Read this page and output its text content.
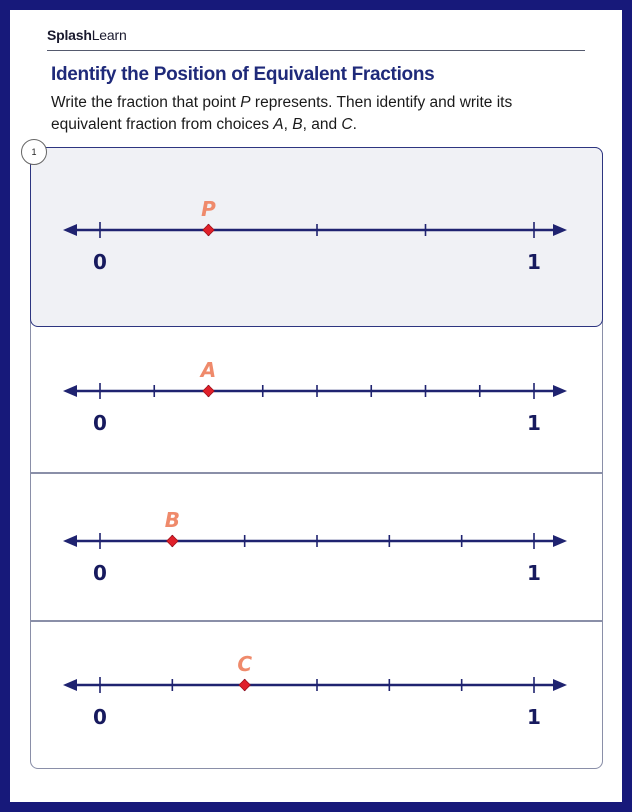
SplashLearn
Identify the Position of Equivalent Fractions
Write the fraction that point P represents. Then identify and write its equivalent fraction from choices A, B, and C.
1
P
0	1
A
0	1
B
0	1
C
0	1
